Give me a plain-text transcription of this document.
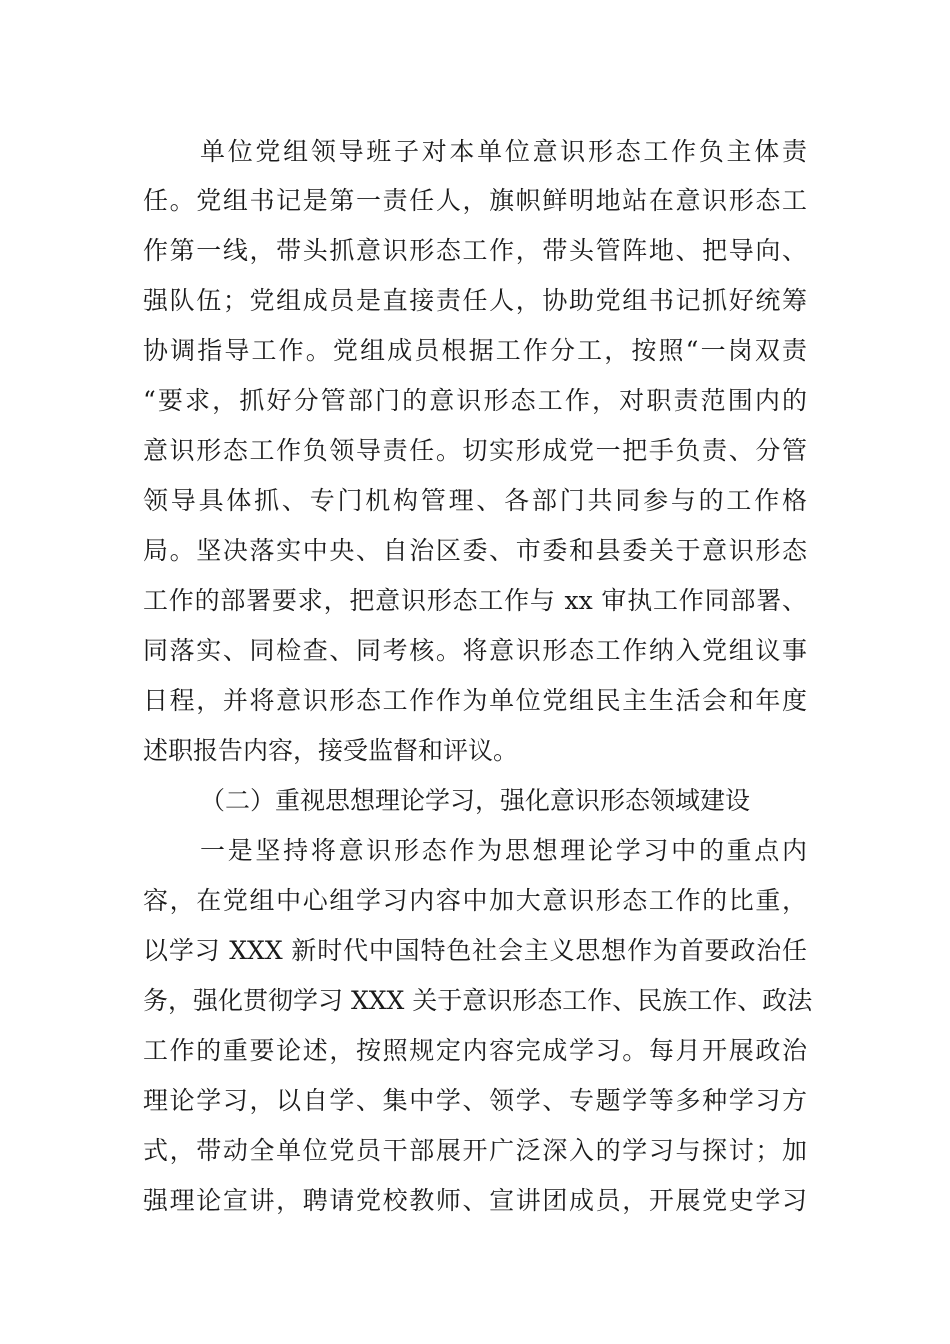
单位党组领导班子对本单位意识形态工作负主体责
任。党组书记是第一责任人，旗帜鲜明地站在意识形态工
作第一线，带头抓意识形态工作，带头管阵地、把导向、
强队伍；党组成员是直接责任人，协助党组书记抓好统筹
协调指导工作。党组成员根据工作分工，按照“一岗双责
“要求，抓好分管部门的意识形态工作，对职责范围内的
意识形态工作负领导责任。切实形成党一把手负责、分管
领导具体抓、专门机构管理、各部门共同参与的工作格
局。坚决落实中央、自治区委、市委和县委关于意识形态
工作的部署要求，把意识形态工作与 xx 审执工作同部署、
同落实、同检查、同考核。将意识形态工作纳入党组议事
日程，并将意识形态工作作为单位党组民主生活会和年度
述职报告内容，接受监督和评议。
（二）重视思想理论学习，强化意识形态领域建设
一是坚持将意识形态作为思想理论学习中的重点内
容，在党组中心组学习内容中加大意识形态工作的比重，
以学习 XXX 新时代中国特色社会主义思想作为首要政治任
务，强化贯彻学习 XXX 关于意识形态工作、民族工作、政法
工作的重要论述，按照规定内容完成学习。每月开展政治
理论学习，以自学、集中学、领学、专题学等多种学习方
式，带动全单位党员干部展开广泛深入的学习与探讨；加
强理论宣讲，聘请党校教师、宣讲团成员，开展党史学习
